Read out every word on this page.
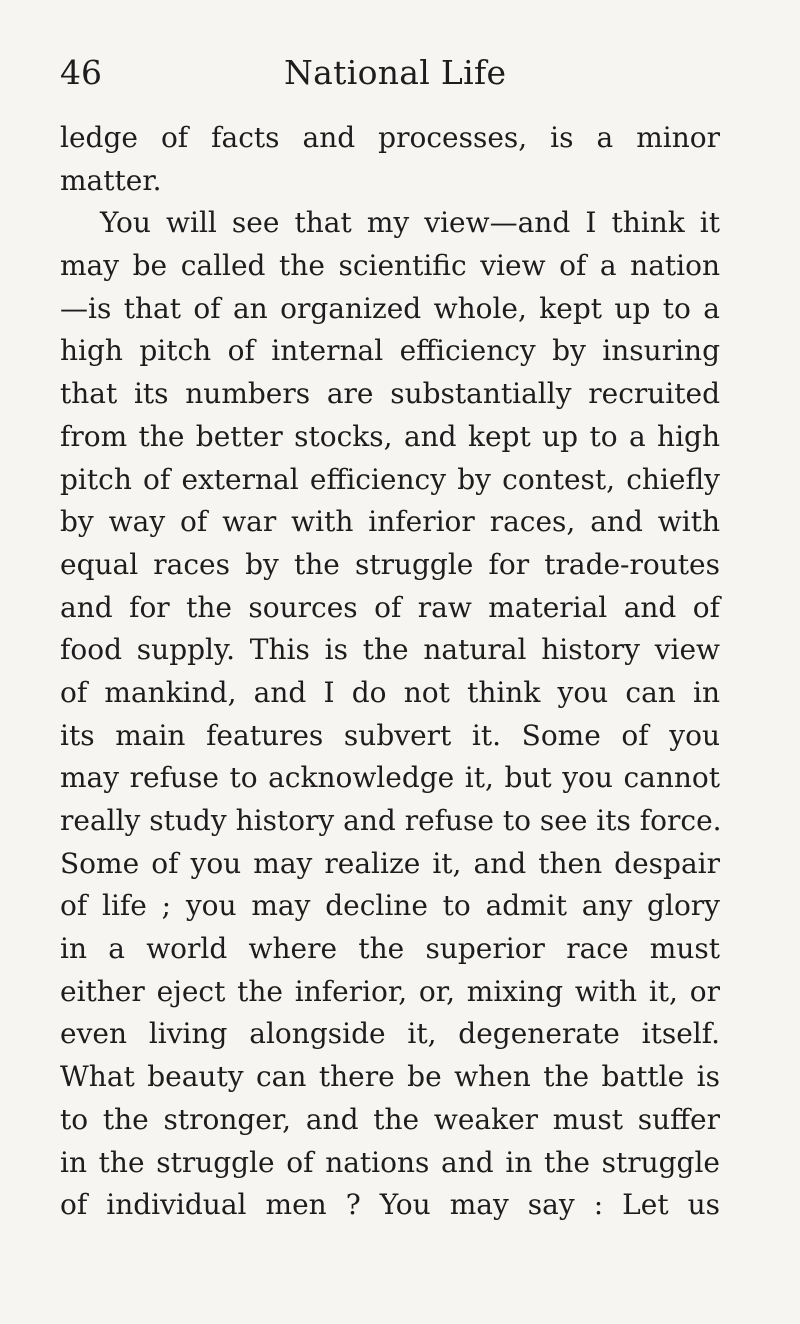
46	National Life
ledge of facts and processes, is a minor
matter.
You will see that my view—and I think it
may be called the scientific view of a nation
—is that of an organized whole, kept up to a
high pitch of internal efficiency by insuring
that its numbers are substantially recruited
from the better stocks, and kept up to a high
pitch of external efficiency by contest, chiefly
by way of war with inferior races, and with
equal races by the struggle for trade-routes
and for the sources of raw material and of
food supply. This is the natural history view
of mankind, and I do not think you can in
its main features subvert it. Some of you
may refuse to acknowledge it, but you cannot
really study history and refuse to see its force.
Some of you may realize it, and then despair
of life ; you may decline to admit any glory
in a world where the superior race must
either eject the inferior, or, mixing with it, or
even living alongside it, degenerate itself.
What beauty can there be when the battle is
to the stronger, and the weaker must suffer
in the struggle of nations and in the struggle
of individual men ? You may say : Let us
